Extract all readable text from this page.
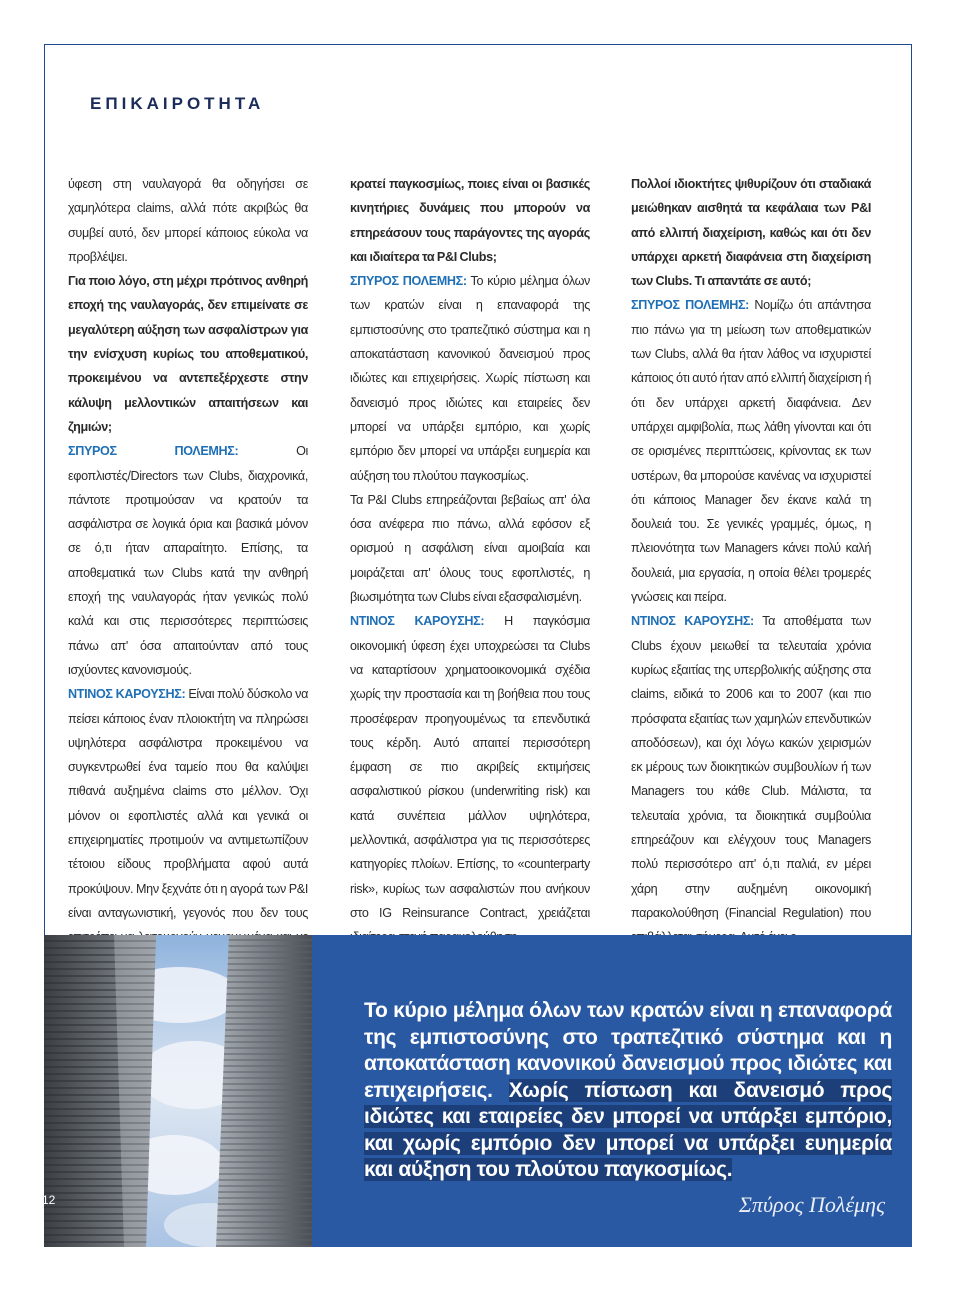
ΕΠΙΚΑΙΡΟΤΗΤΑ

ύφεση στη ναυλαγορά θα οδηγήσει σε χαμηλότερα claims, αλλά πότε ακριβώς θα συμβεί αυτό, δεν μπορεί κάποιος εύκολα να προβλέψει.

Για ποιο λόγο, στη μέχρι πρότινος ανθηρή εποχή της ναυλαγοράς, δεν επιμείνατε σε μεγαλύτερη αύξηση των ασφαλίστρων για την ενίσχυση κυρίως του αποθεματικού, προκειμένου να αντεπεξέρχεστε στην κάλυψη μελλοντικών απαιτήσεων και ζημιών;

ΣΠΥΡΟΣ ΠΟΛΕΜΗΣ: Οι εφοπλιστές/Directors των Clubs, διαχρονικά, πάντοτε προτιμούσαν να κρατούν τα ασφάλιστρα σε λογικά όρια και βασικά μόνον σε ό,τι ήταν απαραίτητο. Επίσης, τα αποθεματικά των Clubs κατά την ανθηρή εποχή της ναυλαγοράς ήταν γενικώς πολύ καλά και στις περισσότερες περιπτώσεις πάνω απ' όσα απαιτούνταν από τους ισχύοντες κανονισμούς.

ΝΤΙΝΟΣ ΚΑΡΟΥΣΗΣ: Είναι πολύ δύσκολο να πείσει κάποιος έναν πλοιοκτήτη να πληρώσει υψηλότερα ασφάλιστρα προκειμένου να συγκεντρωθεί ένα ταμείο που θα καλύψει πιθανά αυξημένα claims στο μέλλον. Όχι μόνον οι εφοπλιστές αλλά και γενικά οι επιχειρηματίες προτιμούν να αντιμετωπίζουν τέτοιου είδους προβλήματα αφού αυτά προκύψουν. Μην ξεχνάτε ότι η αγορά των P&I είναι ανταγωνιστική, γεγονός που δεν τους

κρατεί παγκοσμίως, ποιες είναι οι βασικές κινητήριες δυνάμεις που μπορούν να επηρεάσουν τους παράγοντες της αγοράς και ιδιαίτερα τα P&I Clubs;

ΣΠΥΡΟΣ ΠΟΛΕΜΗΣ: Το κύριο μέλημα όλων των κρατών είναι η επαναφορά της εμπιστοσύνης στο τραπεζιτικό σύστημα και η αποκατάσταση κανονικού δανεισμού προς ιδιώτες και επιχειρήσεις. Χωρίς πίστωση και δανεισμό προς ιδιώτες και εταιρείες δεν μπορεί να υπάρξει εμπόριο, και χωρίς εμπόριο δεν μπορεί να υπάρξει ευημερία και αύξηση του πλούτου παγκοσμίως.

Τα P&I Clubs επηρεάζονται βεβαίως απ' όλα όσα ανέφερα πιο πάνω, αλλά εφόσον εξ ορισμού η ασφάλιση είναι αμοιβαία και μοιράζεται απ' όλους τους εφοπλιστές, η βιωσιμότητα των Clubs είναι εξασφαλισμένη.

ΝΤΙΝΟΣ ΚΑΡΟΥΣΗΣ: Η παγκόσμια οικονομική ύφεση έχει υποχρεώσει τα Clubs να καταρτίσουν χρηματοοικονομικά σχέδια χωρίς την προστασία και τη βοήθεια που τους προσέφεραν προηγουμένως τα επενδυτικά τους κέρδη. Αυτό απαιτεί περισσότερη έμφαση σε πιο ακριβείς εκτιμήσεις ασφαλιστικού ρίσκου (underwriting risk) και κατά συνέπεια μάλλον υψηλότερα, μελλοντικά, ασφάλιστρα για τις περισσότερες κατηγορίες πλοίων. Επίσης, το «counterparty risk», κυρίως των ασφαλιστών που ανήκουν στο IG Reinsurance Contract, χρειάζεται

Πολλοί ιδιοκτήτες ψιθυρίζουν ότι σταδιακά μειώθηκαν αισθητά τα κεφάλαια των P&I από ελλιπή διαχείριση, καθώς και ότι δεν υπάρχει αρκετή διαφάνεια στη διαχείριση των Clubs. Τι απαντάτε σε αυτό;

ΣΠΥΡΟΣ ΠΟΛΕΜΗΣ: Νομίζω ότι απάντησα πιο πάνω για τη μείωση των αποθεματικών των Clubs, αλλά θα ήταν λάθος να ισχυριστεί κάποιος ότι αυτό ήταν από ελλιπή διαχείριση ή ότι δεν υπάρχει αρκετή διαφάνεια. Δεν υπάρχει αμφιβολία, πως λάθη γίνονται και ότι σε ορισμένες περιπτώσεις, κρίνοντας εκ των υστέρων, θα μπορούσε κανένας να ισχυριστεί ότι κάποιος Manager δεν έκανε καλά τη δουλειά του. Σε γενικές γραμμές, όμως, η πλειονότητα των Managers κάνει πολύ καλή δουλειά, μια εργασία, η οποία θέλει τρομερές γνώσεις και πείρα.

ΝΤΙΝΟΣ ΚΑΡΟΥΣΗΣ: Τα αποθέματα των Clubs έχουν μειωθεί τα τελευταία χρόνια κυρίως εξαιτίας της υπερβολικής αύξησης στα claims, ειδικά το 2006 και το 2007 (και πιο πρόσφατα εξαιτίας των χαμηλών επενδυτικών αποδόσεων), και όχι λόγω κακών χειρισμών εκ μέρους των διοικητικών συμβουλίων ή των Managers του κάθε Club. Μάλιστα, τα τελευταία χρόνια, τα διοικητικά συμβούλια επηρεάζουν και ελέγχουν τους Managers πολύ περισσότερο απ' ό,τι παλιά, εν μέρει χάρη στην αυξημένη οικονομική παρακολούθηση (Financial Regulation) που

Το κύριο μέλημα όλων των κρατών είναι η επαναφορά της εμπιστοσύνης στο τραπεζιτικό σύστημα και η αποκατάσταση κανονικού δανεισμού προς ιδιώτες και επιχειρήσεις. Χωρίς πίστωση και δανεισμό προς ιδιώτες και εταιρείες δεν μπορεί να υπάρξει εμπόριο, και χωρίς εμπόριο δεν μπορεί να υπάρξει ευημερία και αύξηση του πλούτου παγκοσμίως.

Σπύρος Πολέμης
12
